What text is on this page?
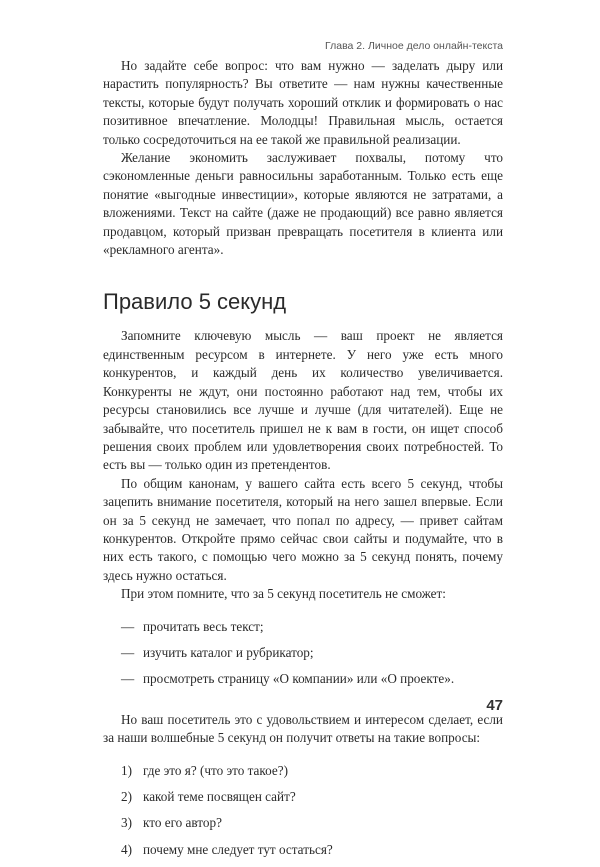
Глава 2. Личное дело онлайн-текста

Но задайте себе вопрос: что вам нужно — заделать дыру или нарастить популярность? Вы ответите — нам нужны качественные тексты, которые будут получать хороший отклик и формировать о нас позитивное впечатление. Молодцы! Правильная мысль, остается только сосредоточиться на ее такой же правильной реализации.

Желание экономить заслуживает похвалы, потому что сэкономленные деньги равносильны заработанным. Только есть еще понятие «выгодные инвестиции», которые являются не затратами, а вложениями. Текст на сайте (даже не продающий) все равно является продавцом, который призван превращать посетителя в клиента или «рекламного агента».

Правило 5 секунд

Запомните ключевую мысль — ваш проект не является единственным ресурсом в интернете. У него уже есть много конкурентов, и каждый день их количество увеличивается. Конкуренты не ждут, они постоянно работают над тем, чтобы их ресурсы становились все лучше и лучше (для читателей). Еще не забывайте, что посетитель пришел не к вам в гости, он ищет способ решения своих проблем или удовлетворения своих потребностей. То есть вы — только один из претендентов.

По общим канонам, у вашего сайта есть всего 5 секунд, чтобы зацепить внимание посетителя, который на него зашел впервые. Если он за 5 секунд не замечает, что попал по адресу, — привет сайтам конкурентов. Откройте прямо сейчас свои сайты и подумайте, что в них есть такого, с помощью чего можно за 5 секунд понять, почему здесь нужно остаться.

При этом помните, что за 5 секунд посетитель не сможет:

— прочитать весь текст;
— изучить каталог и рубрикатор;
— просмотреть страницу «О компании» или «О проекте».

Но ваш посетитель это с удовольствием и интересом сделает, если за наши волшебные 5 секунд он получит ответы на такие вопросы:

1) где это я? (что это такое?)
2) какой теме посвящен сайт?
3) кто его автор?
4) почему мне следует тут остаться?
47
